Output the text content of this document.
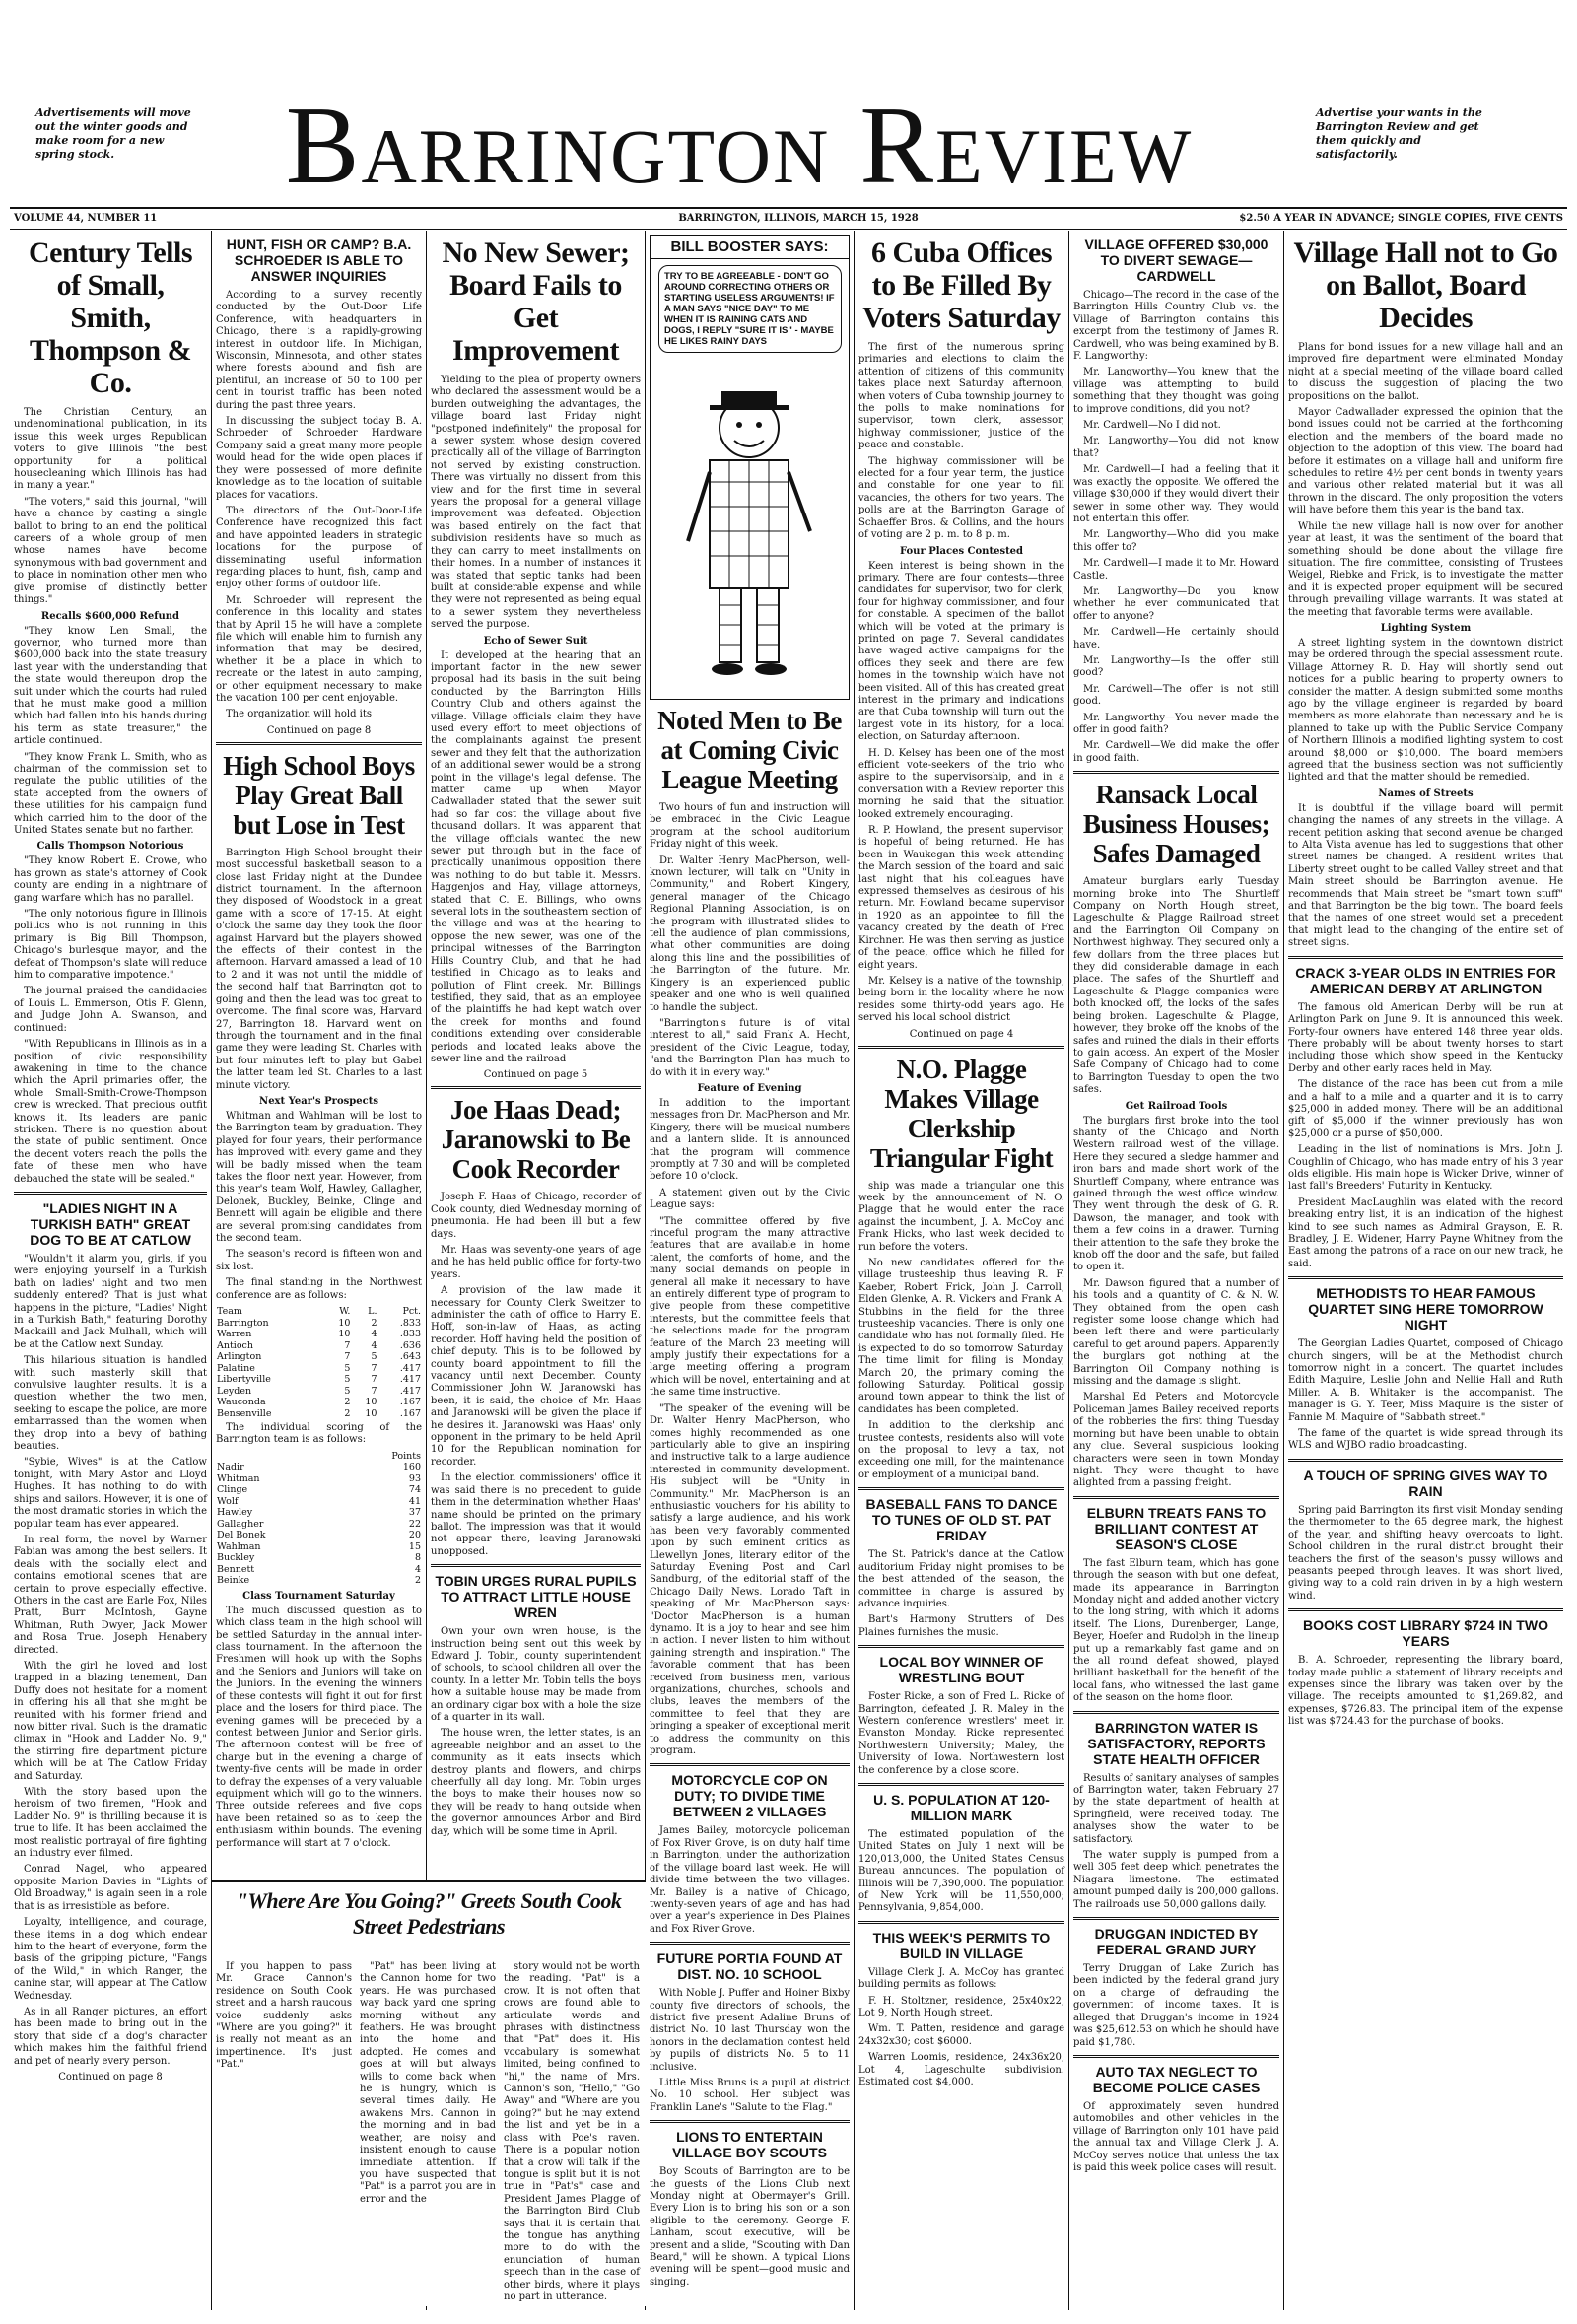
Advertisements will move out the winter goods and make room for a new spring stock.	Barrington Review	Advertise your wants in the Barrington Review and get them quickly and satisfactorily.
VOLUME 44, NUMBER 11	BARRINGTON, ILLINOIS, MARCH 15, 1928	$2.50 A YEAR IN ADVANCE; SINGLE COPIES, FIVE CENTS
Century Tells of Small, Smith, Thompson & Co.

The Christian Century, an undenominational publication, in its issue this week urges Republican voters to give Illinois "the best opportunity for a political housecleaning which Illinois has had in many a year."

"The voters," said this journal, "will have a chance by casting a single ballot to bring to an end the political careers of a whole group of men whose names have become synonymous with bad government and to place in nomination other men who give promise of distinctly better things."

Recalls $600,000 Refund

"They know Len Small, the governor, who turned more than $600,000 back into the state treasury last year with the understanding that the state would thereupon drop the suit under which the courts had ruled that he must make good a million which had fallen into his hands during his term as state treasurer," the article continued.

"They know Frank L. Smith, who as chairman of the commission set to regulate the public utilities of the state accepted from the owners of these utilities for his campaign fund which carried him to the door of the United States senate but no farther.

Calls Thompson Notorious

"They know Robert E. Crowe, who has grown as state's attorney of Cook county are ending in a nightmare of gang warfare which has no parallel.

"The only notorious figure in Illinois politics who is not running in this primary is Big Bill Thompson, Chicago's burlesque mayor, and the defeat of Thompson's slate will reduce him to comparative impotence."

The journal praised the candidacies of Louis L. Emmerson, Otis F. Glenn, and Judge John A. Swanson, and continued:

"With Republicans in Illinois as in a position of civic responsibility awakening in time to the chance which the April primaries offer, the whole Small-Smith-Crowe-Thompson crew is wrecked. That precious outfit knows it. Its leaders are panic stricken. There is no question about the state of public sentiment. Once the decent voters reach the polls the fate of these men who have debauched the state will be sealed."

"LADIES NIGHT IN A TURKISH BATH" GREAT DOG TO BE AT CATLOW

"Wouldn't it alarm you, girls, if you were enjoying yourself in a Turkish bath on ladies' night and two men suddenly entered? That is just what happens in the picture, "Ladies' Night in a Turkish Bath," featuring Dorothy Mackaill and Jack Mulhall, which will be at the Catlow next Sunday.

This hilarious situation is handled with such masterly skill that convulsive laughter results. It is a question whether the two men, seeking to escape the police, are more embarrassed than the women when they drop into a bevy of bathing beauties.

"Sybie, Wives" is at the Catlow tonight, with Mary Astor and Lloyd Hughes. It has nothing to do with ships and sailors. However, it is one of the most dramatic stories in which the popular team has ever appeared.

In real form, the novel by Warner Fabian was among the best sellers. It deals with the socially elect and contains emotional scenes that are certain to prove especially effective. Others in the cast are Earle Fox, Niles Pratt, Burr McIntosh, Gayne Whitman, Ruth Dwyer, Jack Mower and Rosa True. Joseph Henabery directed.

With the girl he loved and lost trapped in a blazing tenement, Dan Duffy does not hesitate for a moment in offering his all that she might be reunited with his former friend and now bitter rival. Such is the dramatic climax in "Hook and Ladder No. 9," the stirring fire department picture which will be at The Catlow Friday and Saturday.

With the story based upon the heroism of two firemen, "Hook and Ladder No. 9" is thrilling because it is true to life. It has been acclaimed the most realistic portrayal of fire fighting an industry ever filmed.

Conrad Nagel, who appeared opposite Marion Davies in "Lights of Old Broadway," is again seen in a role that is as irresistible as before.

Loyalty, intelligence, and courage, these items in a dog which endear him to the heart of everyone, form the basis of the gripping picture, "Fangs of the Wild," in which Ranger, the canine star, will appear at The Catlow Wednesday.

As in all Ranger pictures, an effort has been made to bring out in the story that side of a dog's character which makes him the faithful friend and pet of nearly every person.

Continued on page 8
HUNT, FISH OR CAMP? B.A. SCHROEDER IS ABLE TO ANSWER INQUIRIES

According to a survey recently conducted by the Out-Door Life Conference, with headquarters in Chicago, there is a rapidly-growing interest in outdoor life. In Michigan, Wisconsin, Minnesota, and other states where forests abound and fish are plentiful, an increase of 50 to 100 per cent in tourist traffic has been noted during the past three years.

In discussing the subject today B. A. Schroeder of Schroeder Hardware Company said a great many more people would head for the wide open places if they were possessed of more definite knowledge as to the location of suitable places for vacations.

The directors of the Out-Door-Life Conference have recognized this fact and have appointed leaders in strategic locations for the purpose of disseminating useful information regarding places to hunt, fish, camp and enjoy other forms of outdoor life.

Mr. Schroeder will represent the conference in this locality and states that by April 15 he will have a complete file which will enable him to furnish any information that may be desired, whether it be a place in which to recreate or the latest in auto camping, or other equipment necessary to make the vacation 100 per cent enjoyable.

The organization will hold its

Continued on page 8
High School Boys Play Great Ball but Lose in Test

Barrington High School brought their most successful basketball season to a close last Friday night at the Dundee district tournament. In the afternoon they disposed of Woodstock in a great game with a score of 17-15. At eight o'clock the same day they took the floor against Harvard but the players showed the effects of their contest in the afternoon. Harvard amassed a lead of 10 to 2 and it was not until the middle of the second half that Barrington got to going and then the lead was too great to overcome. The final score was, Harvard 27, Barrington 18. Harvard went on through the tournament and in the final game they were leading St. Charles with but four minutes left to play but Gabel the latter team led St. Charles to a last minute victory.

Next Year's Prospects

Whitman and Wahlman will be lost to the Barrington team by graduation. They played for four years, their performance has improved with every game and they will be badly missed when the team takes the floor next year. However, from this year's team Wolf, Hawley, Gallagher, Delonek, Buckley, Beinke, Clinge and Bennett will again be eligible and there are several promising candidates from the second team.

The season's record is fifteen won and six lost.

The final standing in the Northwest conference are as follows:

Team	W.	L.	Pct.
Barrington	10	2	.833
Warren	10	4	.833
Antioch	7	4	.636
Arlington	7	5	.643
Palatine	5	7	.417
Libertyville	5	7	.417
Leyden	5	7	.417
Wauconda	2	10	.167
Bensenville	2	10	.167

The individual scoring of the Barrington team is as follows:

	Points
Nadir	160
Whitman	93
Clinge	74
Wolf	41
Hawley	37
Gallagher	22
Del Bonek	20
Wahlman	15
Buckley	8
Bennett	4
Beinke	2
Class Tournament Saturday

The much discussed question as to which class team in the high school will be settled Saturday in the annual inter-class tournament. In the afternoon the Freshmen will hook up with the Sophs and the Seniors and Juniors will take on the Juniors. In the evening the winners of these contests will fight it out for first place and the losers for third place. The evening games will be preceded by a contest between Junior and Senior girls. The afternoon contest will be free of charge but in the evening a charge of twenty-five cents will be made in order to defray the expenses of a very valuable equipment which will go to the winners. Three outside referees and five cops have been retained so as to keep the enthusiasm within bounds. The evening performance will start at 7 o'clock.

No New Sewer; Board Fails to Get Improvement

Yielding to the plea of property owners who declared the assessment would be a burden outweighing the advantages, the village board last Friday night "postponed indefinitely" the proposal for a sewer system whose design covered practically all of the village of Barrington not served by existing construction. There was virtually no dissent from this view and for the first time in several years the proposal for a general village improvement was defeated. Objection was based entirely on the fact that subdivision residents have so much as they can carry to meet installments on their homes. In a number of instances it was stated that septic tanks had been built at considerable expense and while they were not represented as being equal to a sewer system they nevertheless served the purpose.

Echo of Sewer Suit

It developed at the hearing that an important factor in the new sewer proposal had its basis in the suit being conducted by the Barrington Hills Country Club and others against the village. Village officials claim they have used every effort to meet objections of the complainants against the present sewer and they felt that the authorization of an additional sewer would be a strong point in the village's legal defense. The matter came up when Mayor Cadwallader stated that the sewer suit had so far cost the village about five thousand dollars. It was apparent that the village officials wanted the new sewer put through but in the face of practically unanimous opposition there was nothing to do but table it. Messrs. Haggenjos and Hay, village attorneys, stated that C. E. Billings, who owns several lots in the southeastern section of the village and was at the hearing to oppose the new sewer, was one of the principal witnesses of the Barrington Hills Country Club, and that he had testified in Chicago as to leaks and pollution of Flint creek. Mr. Billings testified, they said, that as an employee of the plaintiffs he had kept watch over the creek for months and found conditions extending over considerable periods and located leaks above the sewer line and the railroad

Continued on page 5
Joe Haas Dead; Jaranowski to Be Cook Recorder

Joseph F. Haas of Chicago, recorder of Cook county, died Wednesday morning of pneumonia. He had been ill but a few days.

Mr. Haas was seventy-one years of age and he has held public office for forty-two years.

A provision of the law made it necessary for County Clerk Sweitzer to administer the oath of office to Harry E. Hoff, son-in-law of Haas, as acting recorder. Hoff having held the position of chief deputy. This is to be followed by county board appointment to fill the vacancy until next December. County Commissioner John W. Jaranowski has been, it is said, the choice of Mr. Haas and Jaranowski will be given the place if he desires it. Jaranowski was Haas' only opponent in the primary to be held April 10 for the Republican nomination for recorder.

In the election commissioners' office it was said there is no precedent to guide them in the determination whether Haas' name should be printed on the primary ballot. The impression was that it would not appear there, leaving Jaranowski unopposed.

TOBIN URGES RURAL PUPILS TO ATTRACT LITTLE HOUSE WREN

Own your own wren house, is the instruction being sent out this week by Edward J. Tobin, county superintendent of schools, to school children all over the county. In a letter Mr. Tobin tells the boys how a suitable house may be made from an ordinary cigar box with a hole the size of a quarter in its wall.

The house wren, the letter states, is an agreeable neighbor and an asset to the community as it eats insects which destroy plants and flowers, and chirps cheerfully all day long. Mr. Tobin urges the boys to make their houses now so they will be ready to hang outside when the governor announces Arbor and Bird day, which will be some time in April.

BILL BOOSTER SAYS:
TRY TO BE AGREEABLE - DON'T GO AROUND CORRECTING OTHERS OR STARTING USELESS ARGUMENTS! IF A MAN SAYS "NICE DAY" TO ME WHEN IT IS RAINING CATS AND DOGS, I REPLY "SURE IT IS" - MAYBE HE LIKES RAINY DAYS
Noted Men to Be at Coming Civic League Meeting

Two hours of fun and instruction will be embraced in the Civic League program at the school auditorium Friday night of this week.

Dr. Walter Henry MacPherson, well-known lecturer, will talk on "Unity in Community," and Robert Kingery, general manager of the Chicago Regional Planning Association, is on the program with illustrated slides to tell the audience of plan commissions, what other communities are doing along this line and the possibilities of the Barrington of the future. Mr. Kingery is an experienced public speaker and one who is well qualified to handle the subject.

"Barrington's future is of vital interest to all," said Frank A. Hecht, president of the Civic League, today, "and the Barrington Plan has much to do with it in every way."

Feature of Evening

In addition to the important messages from Dr. MacPherson and Mr. Kingery, there will be musical numbers and a lantern slide. It is announced that the program will commence promptly at 7:30 and will be completed before 10 o'clock.

A statement given out by the Civic League says:

"The committee offered by five rinceful program the many attractive features that are available in home talent, the comforts of home, and the many social demands on people in general all make it necessary to have an entirely different type of program to give people from these competitive interests, but the committee feels that the selections made for the program feature of the March 23 meeting will amply justify their expectations for a large meeting offering a program which will be novel, entertaining and at the same time instructive.

"The speaker of the evening will be Dr. Walter Henry MacPherson, who comes highly recommended as one particularly able to give an inspiring and instructive talk to a large audience interested in community development. His subject will be "Unity in Community." Mr. MacPherson is an enthusiastic vouchers for his ability to satisfy a large audience, and his work has been very favorably commented upon by such eminent critics as Llewellyn Jones, literary editor of the Saturday Evening Post and Carl Sandburg, of the editorial staff of the Chicago Daily News. Lorado Taft in speaking of Mr. MacPherson says: "Doctor MacPherson is a human dynamo. It is a joy to hear and see him in action. I never listen to him without gaining strength and inspiration." The favorable comment that has been received from business men, various organizations, churches, schools and clubs, leaves the members of the committee to feel that they are bringing a speaker of exceptional merit to address the community on this program.

MOTORCYCLE COP ON DUTY; TO DIVIDE TIME BETWEEN 2 VILLAGES

James Bailey, motorcycle policeman of Fox River Grove, is on duty half time in Barrington, under the authorization of the village board last week. He will divide time between the two villages. Mr. Bailey is a native of Chicago, twenty-seven years of age and has had over a year's experience in Des Plaines and Fox River Grove.

FUTURE PORTIA FOUND AT DIST. NO. 10 SCHOOL

With Noble J. Puffer and Hoiner Bixby county five directors of schools, the district five present Adaline Bruns of district No. 10 last Thursday won the honors in the declamation contest held by pupils of districts No. 5 to 11 inclusive.

Little Miss Bruns is a pupil at district No. 10 school. Her subject was Franklin Lane's "Salute to the Flag."

LIONS TO ENTERTAIN VILLAGE BOY SCOUTS

Boy Scouts of Barrington are to be the guests of the Lions Club next Monday night at Obermayer's Grill. Every Lion is to bring his son or a son eligible to the ceremony. George F. Lanham, scout executive, will be present and a slide, "Scouting with Dan Beard," will be shown. A typical Lions evening will be spent—good music and singing.

6 Cuba Offices to Be Filled By Voters Saturday

The first of the numerous spring primaries and elections to claim the attention of citizens of this community takes place next Saturday afternoon, when voters of Cuba township journey to the polls to make nominations for supervisor, town clerk, assessor, highway commissioner, justice of the peace and constable.

The highway commissioner will be elected for a four year term, the justice and constable for one year to fill vacancies, the others for two years. The polls are at the Barrington Garage of Schaeffer Bros. & Collins, and the hours of voting are 2 p. m. to 8 p. m.

Four Places Contested

Keen interest is being shown in the primary. There are four contests—three candidates for supervisor, two for clerk, four for highway commissioner, and four for constable. A specimen of the ballot which will be voted at the primary is printed on page 7. Several candidates have waged active campaigns for the offices they seek and there are few homes in the township which have not been visited. All of this has created great interest in the primary and indications are that Cuba township will turn out the largest vote in its history, for a local election, on Saturday afternoon.

H. D. Kelsey has been one of the most efficient vote-seekers of the trio who aspire to the supervisorship, and in a conversation with a Review reporter this morning he said that the situation looked extremely encouraging.

R. P. Howland, the present supervisor, is hopeful of being returned. He has been in Waukegan this week attending the March session of the board and said last night that his colleagues have expressed themselves as desirous of his return. Mr. Howland became supervisor in 1920 as an appointee to fill the vacancy created by the death of Fred Kirchner. He was then serving as justice of the peace, office which he filled for eight years.

Mr. Kelsey is a native of the township, being born in the locality where he now resides some thirty-odd years ago. He served his local school district

Continued on page 4
N.O. Plagge Makes Village Clerkship Triangular Fight

ship was made a triangular one this week by the announcement of N. O. Plagge that he would enter the race against the incumbent, J. A. McCoy and Frank Hicks, who last week decided to run before the voters.

No new candidates offered for the village trusteeship thus leaving R. F. Kaeber, Robert Frick, John J. Carroll, Elden Glenke, A. R. Vickers and Frank A. Stubbins in the field for the three trusteeship vacancies. There is only one candidate who has not formally filed. He is expected to do so tomorrow Saturday. The time limit for filing is Monday, March 20, the primary coming the following Saturday. Political gossip around town appear to think the list of candidates has been completed.

In addition to the clerkship and trustee contests, residents also will vote on the proposal to levy a tax, not exceeding one mill, for the maintenance or employment of a municipal band.

BASEBALL FANS TO DANCE TO TUNES OF OLD ST. PAT FRIDAY

The St. Patrick's dance at the Catlow auditorium Friday night promises to be the best attended of the season, the committee in charge is assured by advance inquiries.

Bart's Harmony Strutters of Des Plaines furnishes the music.

LOCAL BOY WINNER OF WRESTLING BOUT

Foster Ricke, a son of Fred L. Ricke of Barrington, defeated J. R. Maley in the Western conference wrestlers' meet in Evanston Monday. Ricke represented Northwestern University; Maley, the University of Iowa. Northwestern lost the conference by a close score.

U. S. POPULATION AT 120-MILLION MARK

The estimated population of the United States on July 1 next will be 120,013,000, the United States Census Bureau announces. The population of Illinois will be 7,390,000. The population of New York will be 11,550,000; Pennsylvania, 9,854,000.

THIS WEEK'S PERMITS TO BUILD IN VILLAGE

Village Clerk J. A. McCoy has granted building permits as follows:

F. H. Stoltzner, residence, 25x40x22, Lot 9, North Hough street.

Wm. T. Patten, residence and garage 24x32x30; cost $6000.

Warren Loomis, residence, 24x36x20, Lot 4, Lageschulte subdivision. Estimated cost $4,000.

VILLAGE OFFERED $30,000 TO DIVERT SEWAGE—CARDWELL

Chicago—The record in the case of the Barrington Hills Country Club vs. the Village of Barrington contains this excerpt from the testimony of James R. Cardwell, who was being examined by B. F. Langworthy:

Mr. Langworthy—You knew that the village was attempting to build something that they thought was going to improve conditions, did you not?

Mr. Cardwell—No I did not.

Mr. Langworthy—You did not know that?

Mr. Cardwell—I had a feeling that it was exactly the opposite. We offered the village $30,000 if they would divert their sewer in some other way. They would not entertain this offer.

Mr. Langworthy—Who did you make this offer to?

Mr. Cardwell—I made it to Mr. Howard Castle.

Mr. Langworthy—Do you know whether he ever communicated that offer to anyone?

Mr. Cardwell—He certainly should have.

Mr. Langworthy—Is the offer still good?

Mr. Cardwell—The offer is not still good.

Mr. Langworthy—You never made the offer in good faith?

Mr. Cardwell—We did make the offer in good faith.

Ransack Local Business Houses; Safes Damaged

Amateur burglars early Tuesday morning broke into The Shurtleff Company on North Hough street, Lageschulte & Plagge Railroad street and the Barrington Oil Company on Northwest highway. They secured only a few dollars from the three places but they did considerable damage in each place. The safes of the Shurtleff and Lageschulte & Plagge companies were both knocked off, the locks of the safes being broken. Lageschulte & Plagge, however, they broke off the knobs of the safes and ruined the dials in their efforts to gain access. An expert of the Mosler Safe Company of Chicago had to come to Barrington Tuesday to open the two safes.

Get Railroad Tools

The burglars first broke into the tool shanty of the Chicago and North Western railroad west of the village. Here they secured a sledge hammer and iron bars and made short work of the Shurtleff Company, where entrance was gained through the west office window. They went through the desk of G. R. Dawson, the manager, and took with them a few coins in a drawer. Turning their attention to the safe they broke the knob off the door and the safe, but failed to open it.

Mr. Dawson figured that a number of his tools and a quantity of C. & N. W. They obtained from the open cash register some loose change which had been left there and were particularly careful to get around papers. Apparently the burglars got nothing at the Barrington Oil Company nothing is missing and the damage is slight.

Marshal Ed Peters and Motorcycle Policeman James Bailey received reports of the robberies the first thing Tuesday morning but have been unable to obtain any clue. Several suspicious looking characters were seen in town Monday night. They were thought to have alighted from a passing freight.

ELBURN TREATS FANS TO BRILLIANT CONTEST AT SEASON'S CLOSE

The fast Elburn team, which has gone through the season with but one defeat, made its appearance in Barrington Monday night and added another victory to the long string, with which it adorns itself. The Lions, Durenberger, Lange, Beyer, Hoefer and Rudolph in the lineup put up a remarkably fast game and on the all round defeat showed, played brilliant basketball for the benefit of the local fans, who witnessed the last game of the season on the home floor.

BARRINGTON WATER IS SATISFACTORY, REPORTS STATE HEALTH OFFICER

Results of sanitary analyses of samples of Barrington water, taken February 27 by the state department of health at Springfield, were received today. The analyses show the water to be satisfactory.

The water supply is pumped from a well 305 feet deep which penetrates the Niagara limestone. The estimated amount pumped daily is 200,000 gallons. The railroads use 50,000 gallons daily.

DRUGGAN INDICTED BY FEDERAL GRAND JURY

Terry Druggan of Lake Zurich has been indicted by the federal grand jury on a charge of defrauding the government of income taxes. It is alleged that Druggan's income in 1924 was $25,612.53 on which he should have paid $1,780.

AUTO TAX NEGLECT TO BECOME POLICE CASES

Of approximately seven hundred automobiles and other vehicles in the village of Barrington only 101 have paid the annual tax and Village Clerk J. A. McCoy serves notice that unless the tax is paid this week police cases will result.

Village Hall not to Go on Ballot, Board Decides

Plans for bond issues for a new village hall and an improved fire department were eliminated Monday night at a special meeting of the village board called to discuss the suggestion of placing the two propositions on the ballot.

Mayor Cadwallader expressed the opinion that the bond issues could not be carried at the forthcoming election and the members of the board made no objection to the adoption of this view. The board had before it estimates on a village hall and uniform fire schedules to retire 4½ per cent bonds in twenty years and various other related material but it was all thrown in the discard. The only proposition the voters will have before them this year is the band tax.

While the new village hall is now over for another year at least, it was the sentiment of the board that something should be done about the village fire situation. The fire committee, consisting of Trustees Weigel, Riebke and Frick, is to investigate the matter and it is expected proper equipment will be secured through prevailing village warrants. It was stated at the meeting that favorable terms were available.

Lighting System

A street lighting system in the downtown district may be ordered through the special assessment route. Village Attorney R. D. Hay will shortly send out notices for a public hearing to property owners to consider the matter. A design submitted some months ago by the village engineer is regarded by board members as more elaborate than necessary and he is planned to take up with the Public Service Company of Northern Illinois a modified lighting system to cost around $8,000 or $10,000. The board members agreed that the business section was not sufficiently lighted and that the matter should be remedied.

Names of Streets

It is doubtful if the village board will permit changing the names of any streets in the village. A recent petition asking that second avenue be changed to Alta Vista avenue has led to suggestions that other street names be changed. A resident writes that Liberty street ought to be called Valley street and that Main street should be Barrington avenue. He recommends that Main street be "smart town stuff" and that Barrington be the big town. The board feels that the names of one street would set a precedent that might lead to the changing of the entire set of street signs.

CRACK 3-YEAR OLDS IN ENTRIES FOR AMERICAN DERBY AT ARLINGTON

The famous old American Derby will be run at Arlington Park on June 9. It is announced this week. Forty-four owners have entered 148 three year olds. There probably will be about twenty horses to start including those which show speed in the Kentucky Derby and other early races held in May.

The distance of the race has been cut from a mile and a half to a mile and a quarter and it is to carry $25,000 in added money. There will be an additional gift of $5,000 if the winner previously has won $25,000 or a purse of $50,000.

Leading in the list of nominations is Mrs. John J. Coughlin of Chicago, who has made entry of his 3 year olds eligible. His main hope is Wicker Drive, winner of last fall's Breeders' Futurity in Kentucky.

President MacLaughlin was elated with the record breaking entry list, it is an indication of the highest kind to see such names as Admiral Grayson, E. R. Bradley, J. E. Widener, Harry Payne Whitney from the East among the patrons of a race on our new track, he said.

METHODISTS TO HEAR FAMOUS QUARTET SING HERE TOMORROW NIGHT

The Georgian Ladies Quartet, composed of Chicago church singers, will be at the Methodist church tomorrow night in a concert. The quartet includes Edith Maquire, Leslie John and Nellie Hall and Ruth Miller. A. B. Whitaker is the accompanist. The manager is G. Y. Teer, Miss Maquire is the sister of Fannie M. Maquire of "Sabbath street."

The fame of the quartet is wide spread through its WLS and WJBO radio broadcasting.

A TOUCH OF SPRING GIVES WAY TO RAIN

Spring paid Barrington its first visit Monday sending the thermometer to the 65 degree mark, the highest of the year, and shifting heavy overcoats to light. School children in the rural district brought their teachers the first of the season's pussy willows and peasants peeped through leaves. It was short lived, giving way to a cold rain driven in by a high western wind.

BOOKS COST LIBRARY $724 IN TWO YEARS

B. A. Schroeder, representing the library board, today made public a statement of library receipts and expenses since the library was taken over by the village. The receipts amounted to $1,269.82, and expenses, $726.83. The principal item of the expense list was $724.43 for the purchase of books.

"Where Are You Going?" Greets South Cook Street Pedestrians

If you happen to pass Mr. Grace Cannon's residence on South Cook street and a harsh raucous voice suddenly asks "Where are you going?" it is really not meant as an impertinence. It's just "Pat."

"Pat" has been living at the Cannon home for two years. He was purchased way back yard one spring morning without any feathers. He was brought into the home and adopted. He comes and goes at will but always wills to come back when he is hungry, which is several times daily. He awakens Mrs. Cannon in the morning and in bad weather, are noisy and insistent enough to cause immediate attention. If you have suspected that "Pat" is a parrot you are in error and the

story would not be worth the reading. "Pat" is a crow. It is not often that crows are found able to articulate words and phrases with distinctness that "Pat" does it. His vocabulary is somewhat limited, being confined to "hi," the name of Mrs. Cannon's son, "Hello," "Go Away" and "Where are you going?" but he may extend the list and yet be in a class with Poe's raven. There is a popular notion that a crow will talk if the tongue is split but it is not true in "Pat's" case and President James Plagge of the Barrington Bird Club says that it is certain that the tongue has anything more to do with the enunciation of human speech than in the case of other birds, where it plays no part in utterance.
